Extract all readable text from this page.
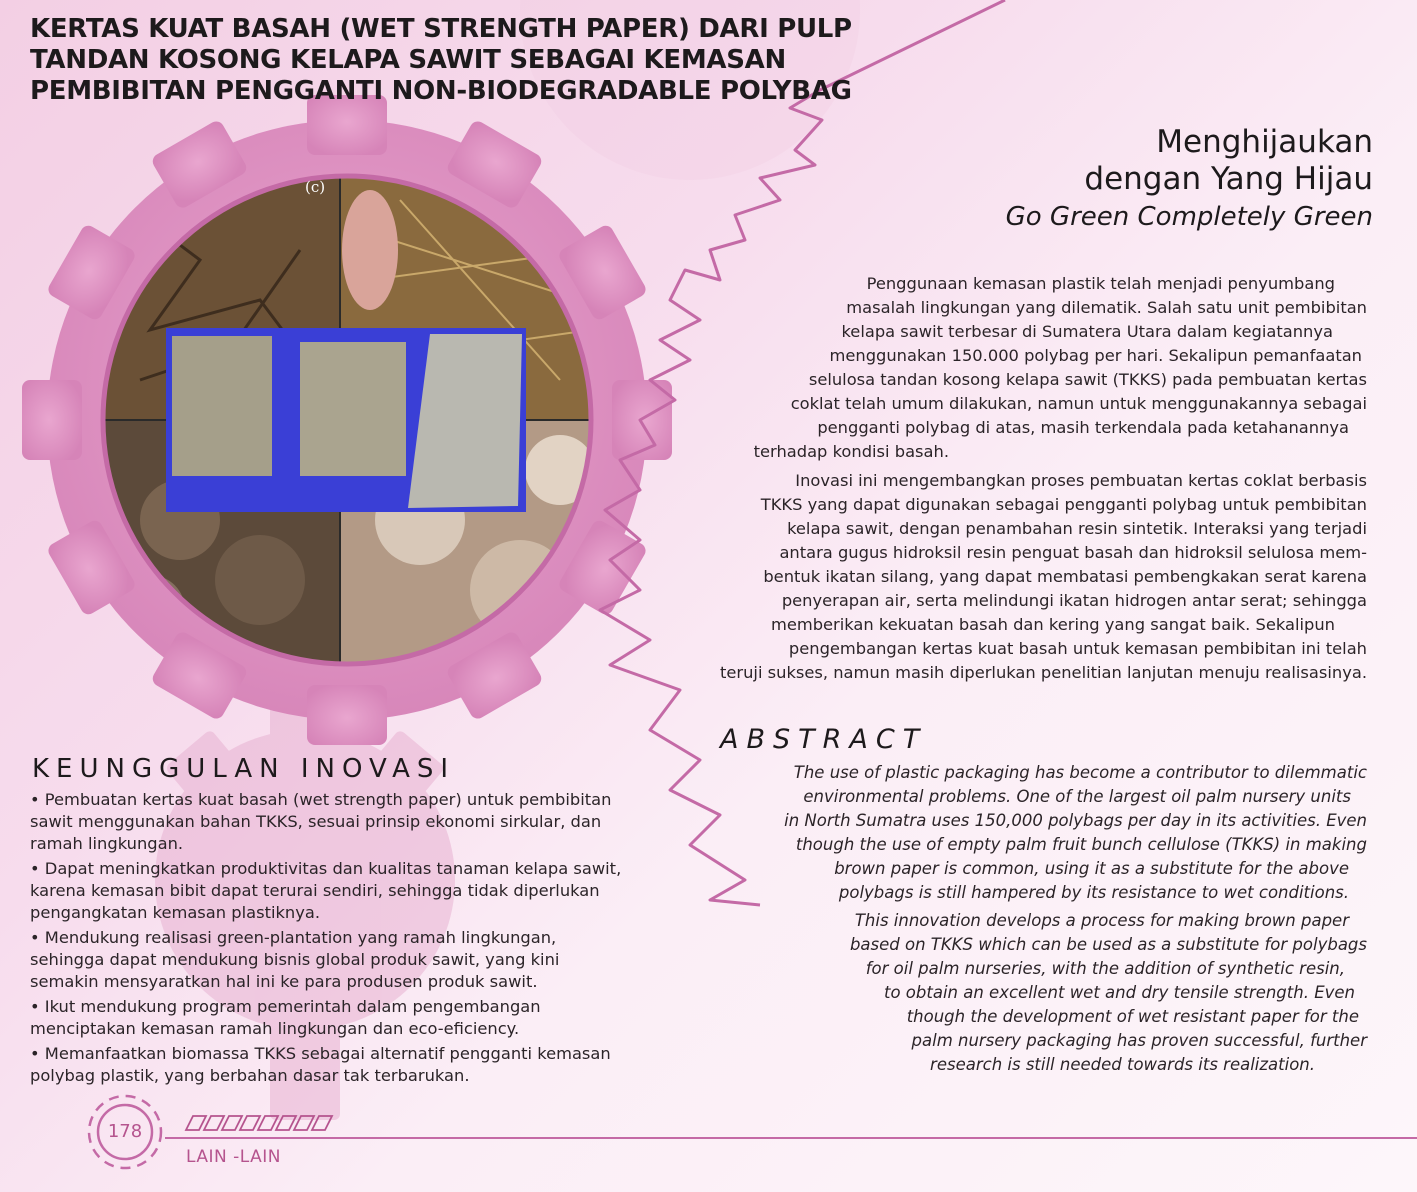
(c)
KERTAS KUAT BASAH (WET STRENGTH PAPER) DARI PULP
TANDAN KOSONG KELAPA SAWIT SEBAGAI KEMASAN
PEMBIBITAN PENGGANTI NON-BIODEGRADABLE POLYBAG
Menghijaukan
dengan Yang Hijau
Go Green Completely Green
Penggunaan kemasan plastik telah menjadi penyumbang
masalah lingkungan yang dilematik. Salah satu unit pembibitan
kelapa sawit terbesar di Sumatera Utara dalam kegiatannya
menggunakan 150.000 polybag per hari. Sekalipun pemanfaatan
selulosa tandan kosong kelapa sawit (TKKS) pada pembuatan kertas
coklat telah umum dilakukan, namun untuk menggunakannya sebagai
pengganti polybag di atas, masih terkendala pada ketahanannya
terhadap kondisi basah.
Inovasi ini mengembangkan proses pembuatan kertas coklat berbasis
TKKS yang dapat digunakan sebagai pengganti polybag untuk pembibitan
kelapa sawit, dengan penambahan resin sintetik. Interaksi yang terjadi
antara gugus hidroksil resin penguat basah dan hidroksil selulosa mem-
bentuk ikatan silang, yang dapat membatasi pembengkakan serat karena
penyerapan air, serta melindungi ikatan hidrogen antar serat; sehingga
memberikan kekuatan basah dan kering yang sangat baik. Sekalipun
pengembangan kertas kuat basah untuk kemasan pembibitan ini telah
teruji sukses, namun masih diperlukan penelitian lanjutan menuju realisasinya.
ABSTRACT
The use of plastic packaging has become a contributor to dilemmatic
environmental problems. One of the largest oil palm nursery units
in North Sumatra uses 150,000 polybags per day in its activities. Even
though the use of empty palm fruit bunch cellulose (TKKS) in making
brown paper is common, using it as a substitute for the above
polybags is still hampered by its resistance to wet conditions.
This innovation develops a process for making brown paper
based on TKKS which can be used as a substitute for polybags
for oil palm nurseries, with the addition of synthetic resin,
to obtain an excellent wet and dry tensile strength. Even
though the development of wet resistant paper for the
palm nursery packaging has proven successful, further
research is still needed towards its realization.
KEUNGGULAN INOVASI
• Pembuatan kertas kuat basah (wet strength paper) untuk pembibitan
sawit menggunakan bahan TKKS, sesuai prinsip ekonomi sirkular, dan
ramah lingkungan.
• Dapat meningkatkan produktivitas dan kualitas tanaman kelapa sawit,
karena kemasan bibit dapat terurai sendiri, sehingga tidak diperlukan
pengangkatan kemasan plastiknya.
• Mendukung realisasi green-plantation yang ramah lingkungan,
sehingga dapat mendukung bisnis global produk sawit, yang kini
semakin mensyaratkan hal ini ke para produsen produk sawit.
• Ikut mendukung program pemerintah dalam pengembangan
menciptakan kemasan ramah lingkungan dan eco-eficiency.
• Memanfaatkan biomassa TKKS sebagai alternatif pengganti kemasan
polybag plastik, yang berbahan dasar tak terbarukan.
178
LAIN -LAIN
